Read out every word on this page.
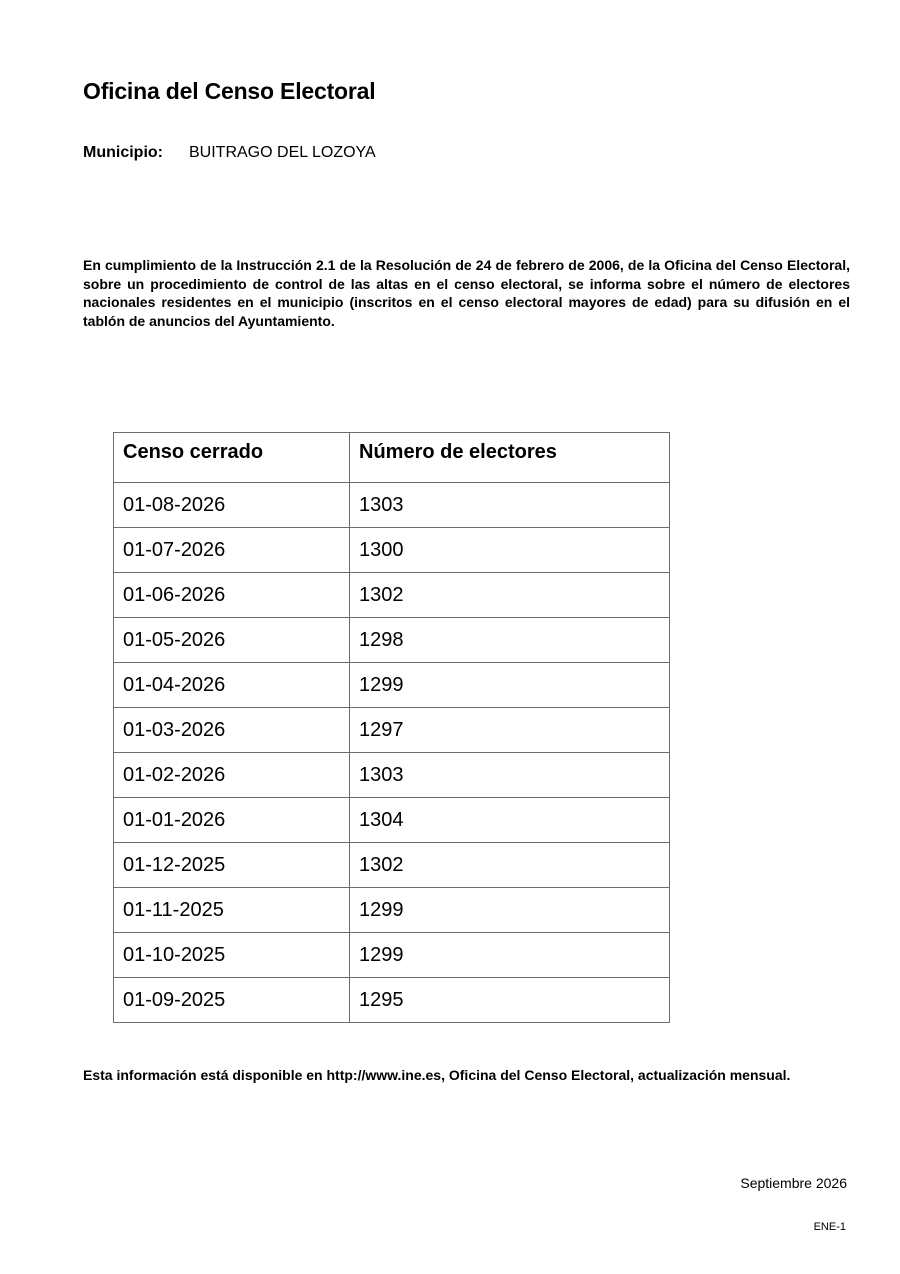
Oficina del Censo Electoral
Municipio: BUITRAGO DEL LOZOYA

En cumplimiento de la Instrucción 2.1 de la Resolución de 24 de febrero de 2006, de la Oficina del Censo Electoral, sobre un procedimiento de control de las altas en el censo electoral, se informa sobre el número de electores nacionales residentes en el municipio (inscritos en el censo electoral mayores de edad) para su difusión en el tablón de anuncios del Ayuntamiento.

Censo cerrado	Número de electores
01-08-2026	1303
01-07-2026	1300
01-06-2026	1302
01-05-2026	1298
01-04-2026	1299
01-03-2026	1297
01-02-2026	1303
01-01-2026	1304
01-12-2025	1302
01-11-2025	1299
01-10-2025	1299
01-09-2025	1295

Esta información está disponible en http://www.ine.es, Oficina del Censo Electoral, actualización mensual.

Septiembre 2026
ENE-1
